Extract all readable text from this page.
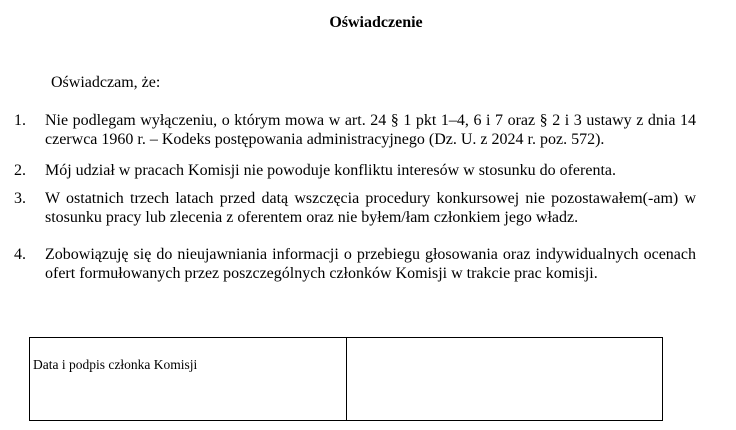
Oświadczenie
Oświadczam, że:
1.	Nie podlegam wyłączeniu, o którym mowa w art. 24 § 1 pkt 1–4, 6 i 7 oraz § 2 i 3 ustawy z dnia 14 czerwca 1960 r. – Kodeks postępowania administracyjnego (Dz. U. z 2024 r. poz. 572).
2.	Mój udział w pracach Komisji nie powoduje konfliktu interesów w stosunku do oferenta.
3.	W ostatnich trzech latach przed datą wszczęcia procedury konkursowej nie pozostawałem(-am) w stosunku pracy lub zlecenia z oferentem oraz nie byłem/łam członkiem jego władz.
4.	Zobowiązuję się do nieujawniania informacji o przebiegu głosowania oraz indywidualnych ocenach ofert formułowanych przez poszczególnych członków Komisji w trakcie prac komisji.
Data i podpis członka Komisji
